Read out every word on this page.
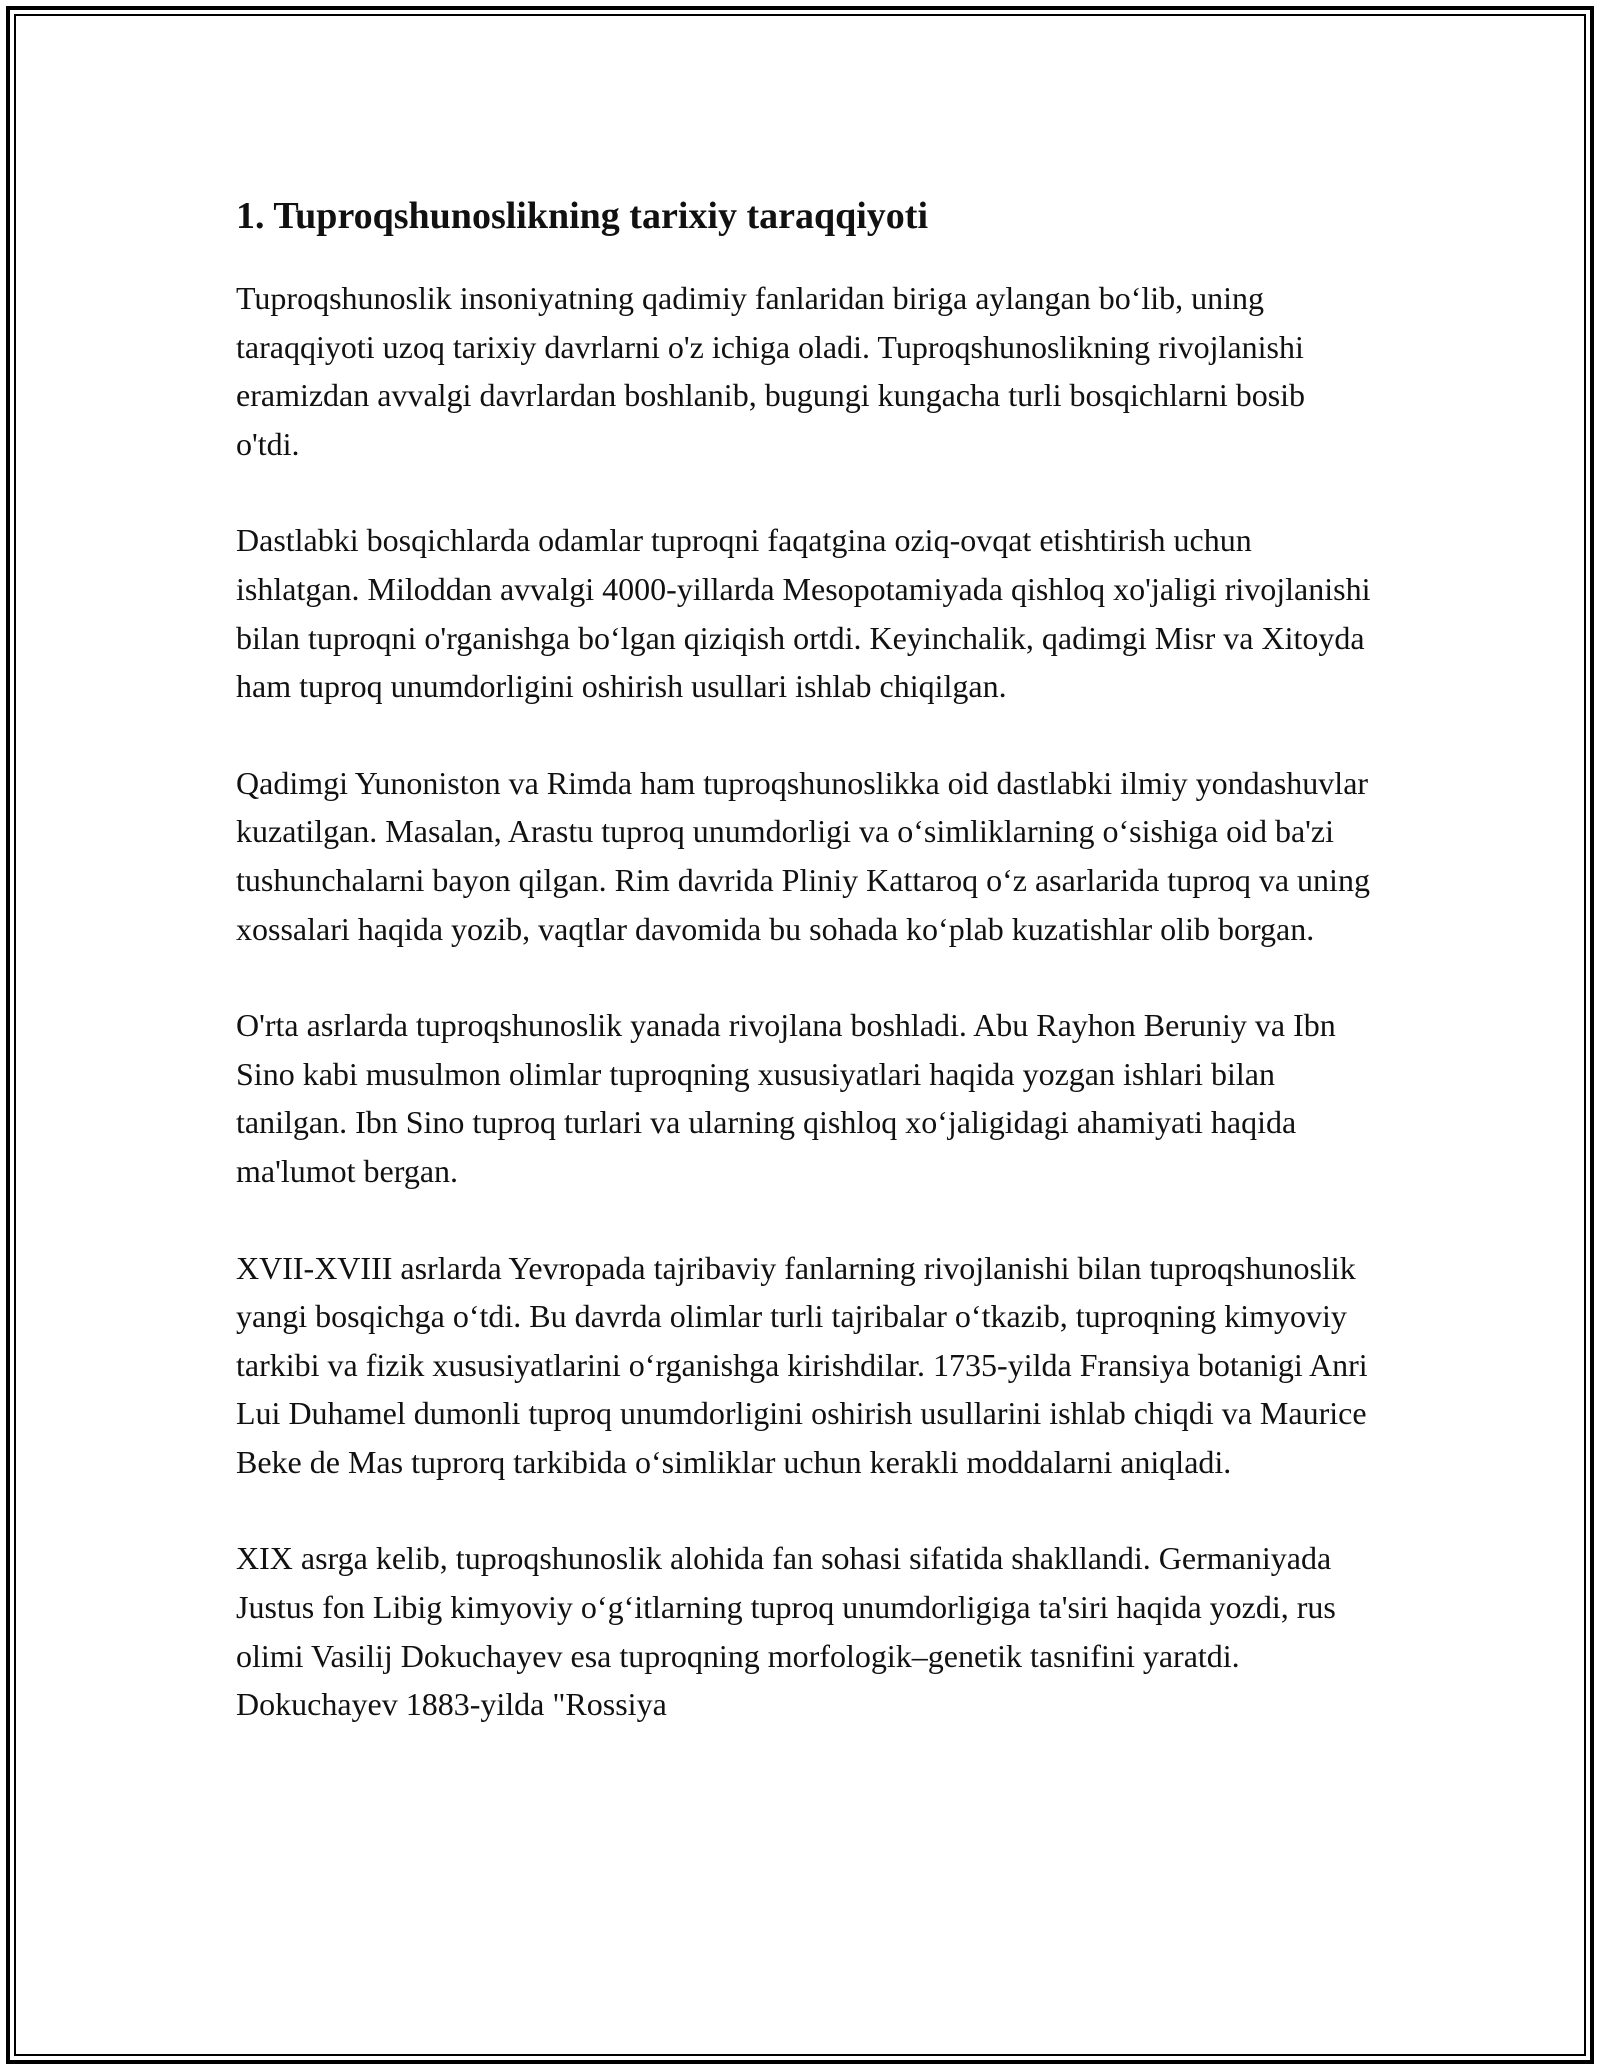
1. Tuproqshunoslikning tarixiy taraqqiyoti

Tuproqshunoslik insoniyatning qadimiy fanlaridan biriga aylangan bo‘lib, uning taraqqiyoti uzoq tarixiy davrlarni o'z ichiga oladi. Tuproqshunoslikning rivojlanishi eramizdan avvalgi davrlardan boshlanib, bugungi kungacha turli bosqichlarni bosib o'tdi.

Dastlabki bosqichlarda odamlar tuproqni faqatgina oziq-ovqat etishtirish uchun ishlatgan. Miloddan avvalgi 4000-yillarda Mesopotamiyada qishloq xo'jaligi rivojlanishi bilan tuproqni o'rganishga bo‘lgan qiziqish ortdi. Keyinchalik, qadimgi Misr va Xitoyda ham tuproq unumdorligini oshirish usullari ishlab chiqilgan.

Qadimgi Yunoniston va Rimda ham tuproqshunoslikka oid dastlabki ilmiy yondashuvlar kuzatilgan. Masalan, Arastu tuproq unumdorligi va o‘simliklarning o‘sishiga oid ba'zi tushunchalarni bayon qilgan. Rim davrida Pliniy Kattaroq o‘z asarlarida tuproq va uning xossalari haqida yozib, vaqtlar davomida bu sohada ko‘plab kuzatishlar olib borgan.

O'rta asrlarda tuproqshunoslik yanada rivojlana boshladi. Abu Rayhon Beruniy va Ibn Sino kabi musulmon olimlar tuproqning xususiyatlari haqida yozgan ishlari bilan tanilgan. Ibn Sino tuproq turlari va ularning qishloq xo‘jaligidagi ahamiyati haqida ma'lumot bergan.

XVII-XVIII asrlarda Yevropada tajribaviy fanlarning rivojlanishi bilan tuproqshunoslik yangi bosqichga o‘tdi. Bu davrda olimlar turli tajribalar o‘tkazib, tuproqning kimyoviy tarkibi va fizik xususiyatlarini o‘rganishga kirishdilar. 1735-yilda Fransiya botanigi Anri Lui Duhamel dumonli tuproq unumdorligini oshirish usullarini ishlab chiqdi va Maurice Beke de Mas tuprorq tarkibida o‘simliklar uchun kerakli moddalarni aniqladi.

XIX asrga kelib, tuproqshunoslik alohida fan sohasi sifatida shakllandi. Germaniyada Justus fon Libig kimyoviy o‘g‘itlarning tuproq unumdorligiga ta'siri haqida yozdi, rus olimi Vasilij Dokuchayev esa tuproqning morfologik–genetik tasnifini yaratdi. Dokuchayev 1883-yilda "Rossiya
